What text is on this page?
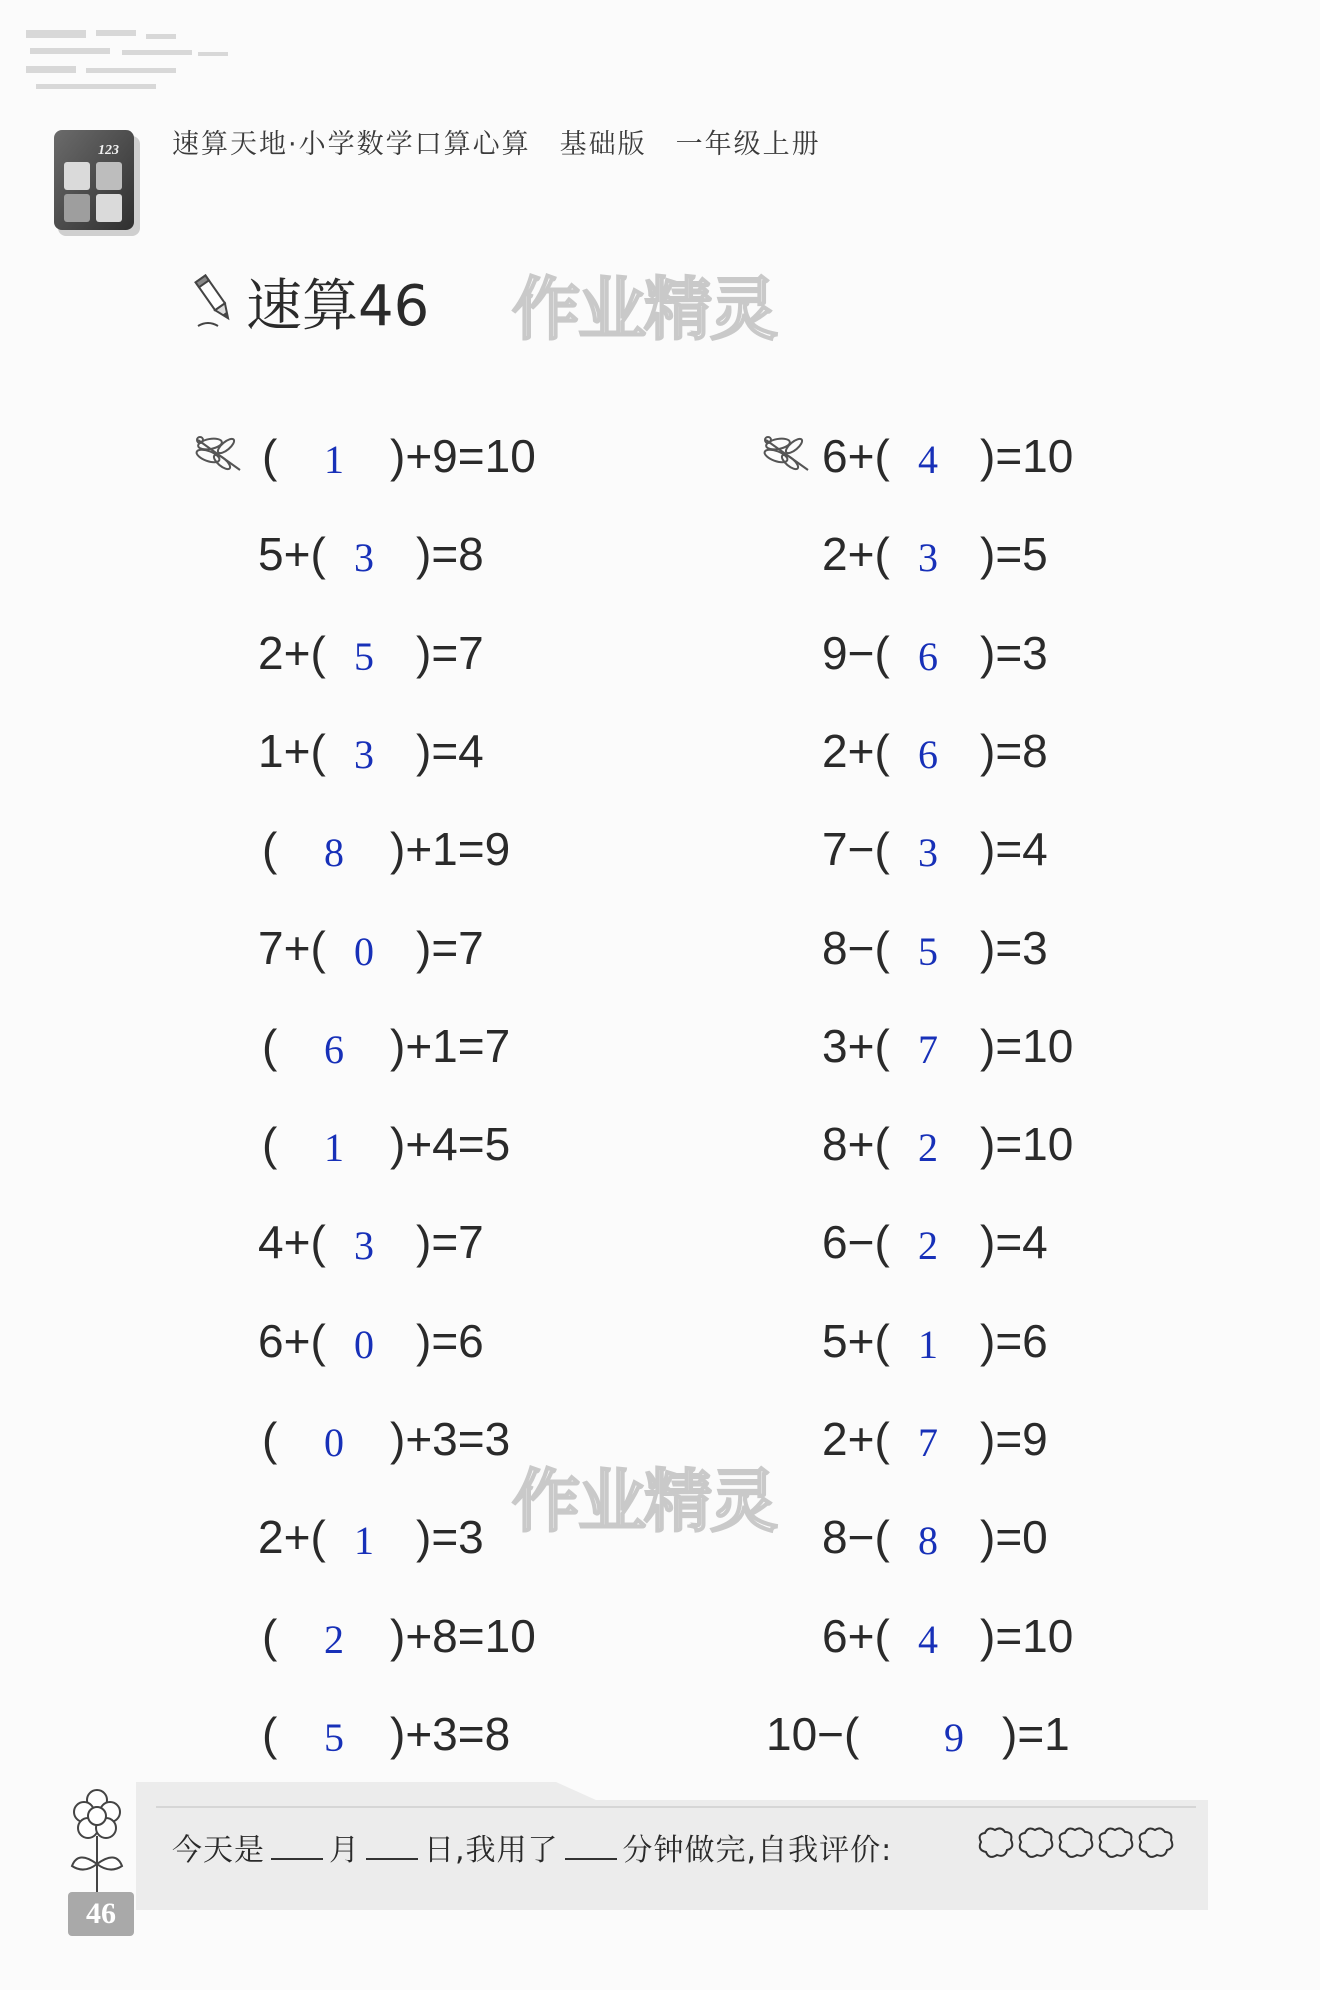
123 速算天地·小学数学口算心算　基础版　一年级上册
速算46 作业精灵
作业精灵
( 1 )+9=10
5+( 3 )=8
2+( 5 )=7
1+( 3 )=4
( 8 )+1=9
7+( 0 )=7
( 6 )+1=7
( 1 )+4=5
4+( 3 )=7
6+( 0 )=6
( 0 )+3=3
2+( 1 )=3
( 2 )+8=10
( 5 )+3=8
6+( 4 )=10
2+( 3 )=5
9−( 6 )=3
2+( 6 )=8
7−( 3 )=4
8−( 5 )=3
3+( 7 )=10
8+( 2 )=10
6−( 2 )=4
5+( 1 )=6
2+( 7 )=9
8−( 8 )=0
6+( 4 )=10
10−( 9 )=1
今天是 月 日,我用了 分钟做完,自我评价:
46
